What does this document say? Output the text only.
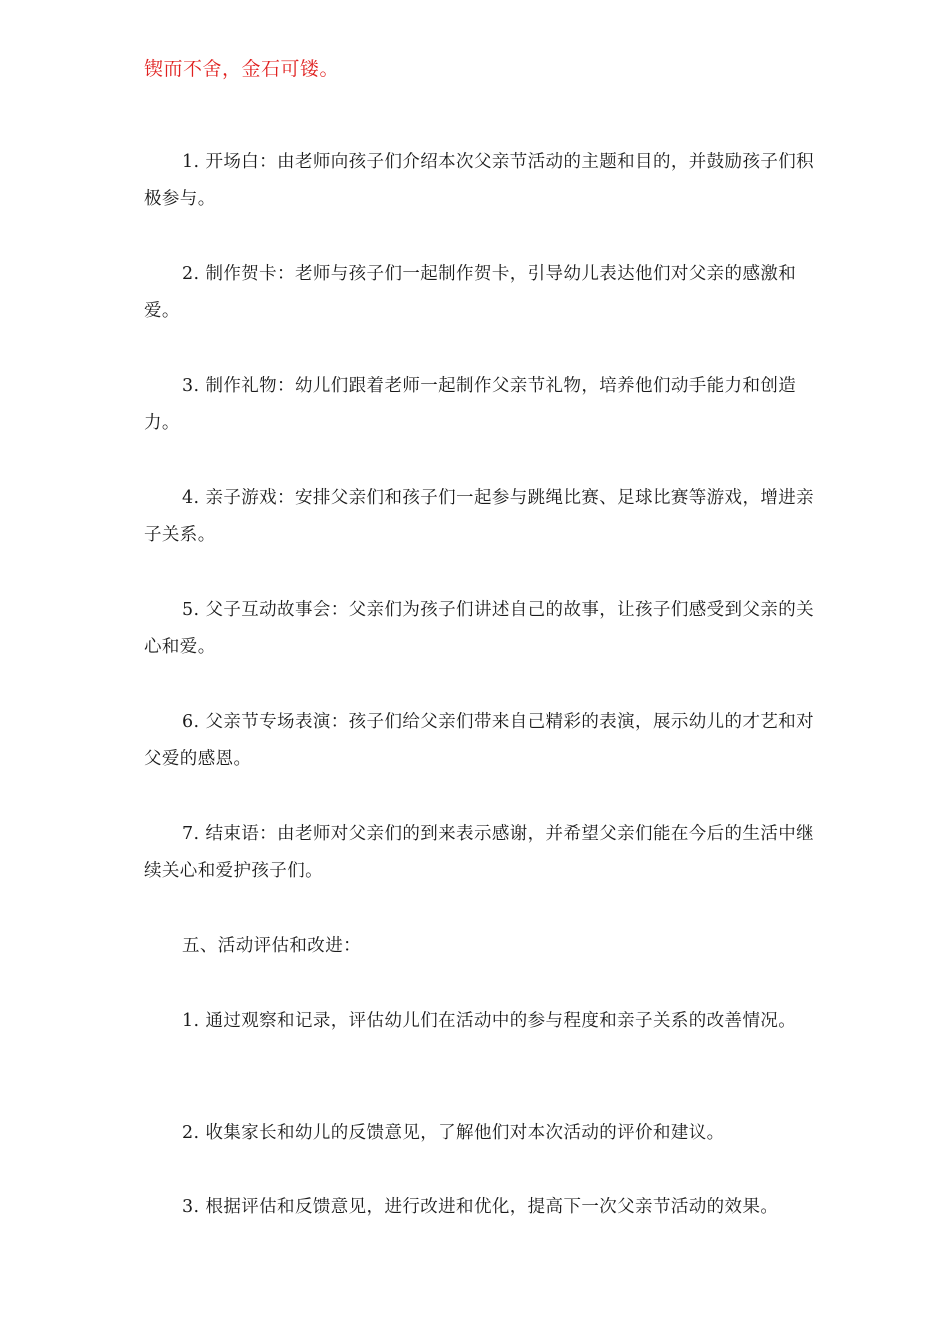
锲而不舍，金石可镂。

1. 开场白：由老师向孩子们介绍本次父亲节活动的主题和目的，并鼓励孩子们积极参与。

2. 制作贺卡：老师与孩子们一起制作贺卡，引导幼儿表达他们对父亲的感激和爱。

3. 制作礼物：幼儿们跟着老师一起制作父亲节礼物，培养他们动手能力和创造力。

4. 亲子游戏：安排父亲们和孩子们一起参与跳绳比赛、足球比赛等游戏，增进亲子关系。

5. 父子互动故事会：父亲们为孩子们讲述自己的故事，让孩子们感受到父亲的关心和爱。

6. 父亲节专场表演：孩子们给父亲们带来自己精彩的表演，展示幼儿的才艺和对父爱的感恩。

7. 结束语：由老师对父亲们的到来表示感谢，并希望父亲们能在今后的生活中继续关心和爱护孩子们。

五、活动评估和改进：

1. 通过观察和记录，评估幼儿们在活动中的参与程度和亲子关系的改善情况。

2. 收集家长和幼儿的反馈意见，了解他们对本次活动的评价和建议。

3. 根据评估和反馈意见，进行改进和优化，提高下一次父亲节活动的效果。
